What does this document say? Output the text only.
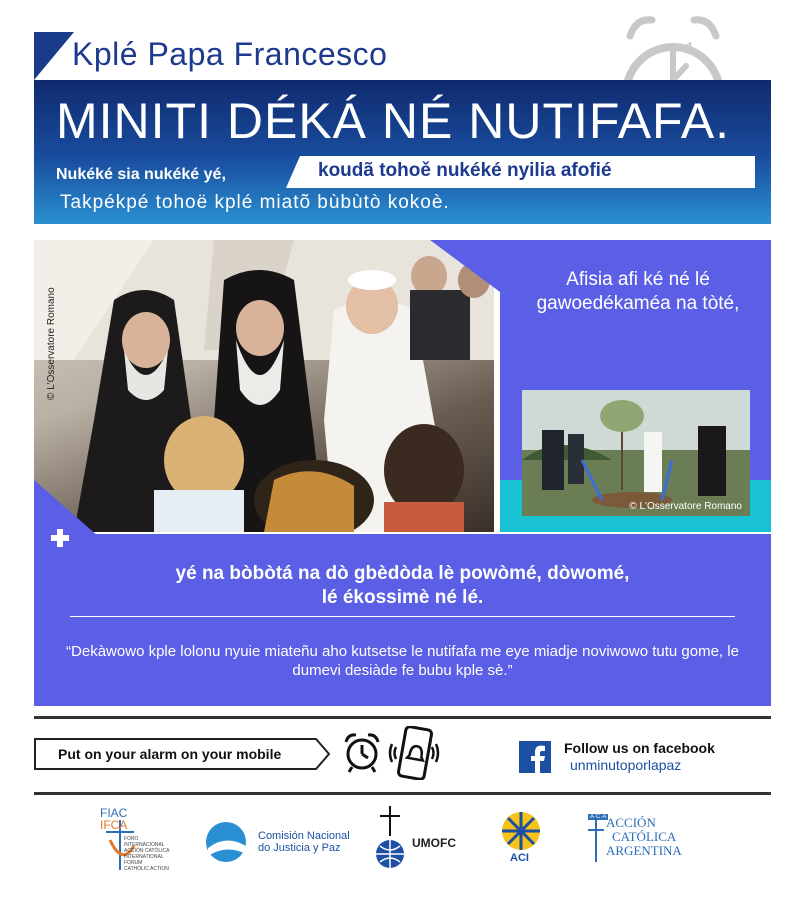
1
Kplé Papa Francesco
MINITI DÉKÁ NÉ NUTIFAFA.
Nukéké sia nukéké yé,	koudã tohoě nukéké nyilia afofié
Takpékpé tohoë kplé miatõ bùbùtò kokoè.
© L'Osservatore Romano
Afisia afi ké né lé gawoedékaméa na tòté,
© L'Osservatore Romano
yé na bòbòtá na dò gbèdòda lè powòmé, dòwomé,
lé ékossimè né lé.
“Dekàwowo kple lolonu nyuie miateñu aho kutsetse le nutifafa me eye miadje noviwowo tutu gome, le dumevi desiàde fe bubu kple sè.”
Put on your alarm on your mobile	Follow us on facebook
unminutoporlapaz
FIAC
IFCA
FORO INTERNACIONAL
ACCIÓN CATÓLICA
INTERNATIONAL FORUM
CATHOLIC ACTION
Comisión Nacional
do Justicia y Paz	UMOFC
ACI
A·C·A ACCIÓN
CATÓLICA
ARGENTINA
